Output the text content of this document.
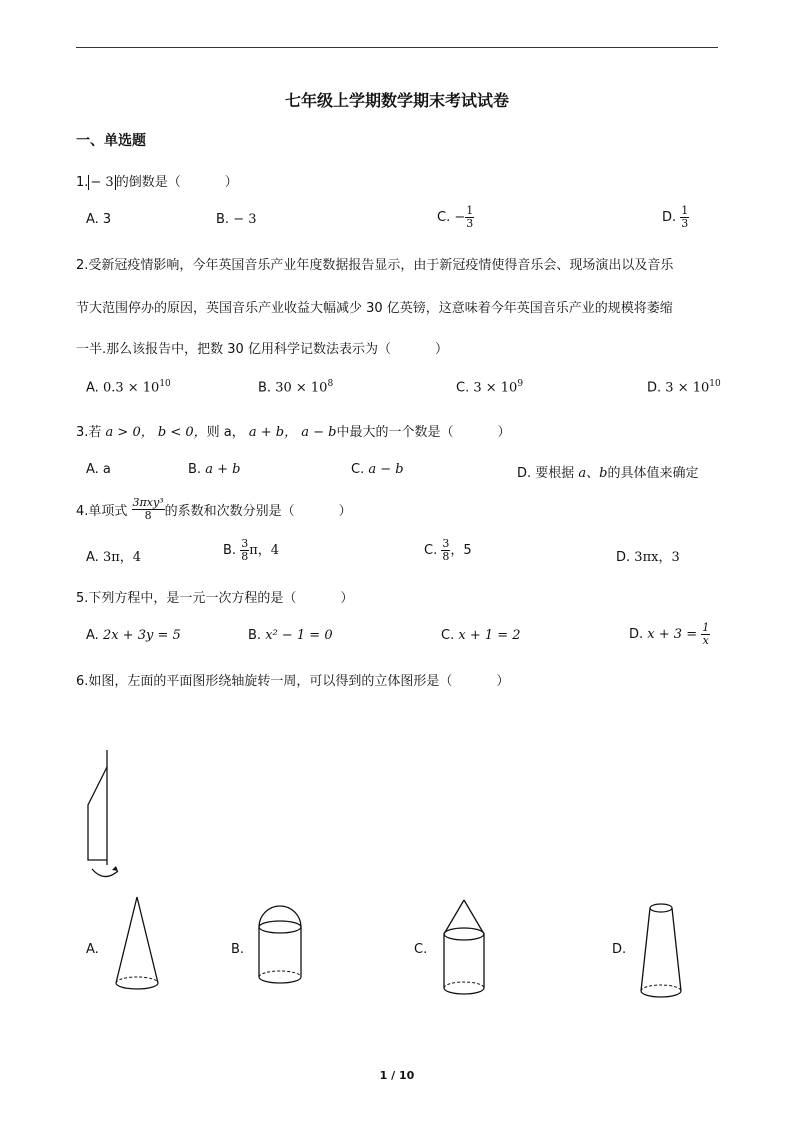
七年级上学期数学期末考试试卷
一、单选题
1. − 3 的倒数是（	）
A. 3	B. − 3	C. − $\frac{1}{3}$	D. $\frac{1}{3}$
2.受新冠疫情影响，今年英国音乐产业年度数据报告显示，由于新冠疫情使得音乐会、现场演出以及音乐
节大范围停办的原因，英国音乐产业收益大幅减少 30 亿英镑，这意味着今年英国音乐产业的规模将萎缩
一半.那么该报告中，把数 30 亿用科学记数法表示为（	）
A. $0.3 \times 10^{10}$	B. $30 \times 10^8$	C. $3 \times 10^9$	D. $3 \times 10^{10}$
3.若 a > 0， b < 0，则 a， a + b， a − b中最大的一个数是（	）
A. a	B. a + b	C. a − b	D. 要根据 a、b的具体值来确定
4.单项式 $\frac{\text{3πxy³}}{8}$ 的系数和次数分别是（	）
A. 3π，4	B. $\frac{3}{8}$ π，4	C. $\frac{3}{8}$ ，5	D. 3πx，3
5.下列方程中，是一元一次方程的是（	）
A. 2x + 3y = 5	B. x² − 1 = 0	C. x + 1 = 2	D. $x + 3 = \frac{1}{x}$
6.如图，左面的平面图形绕轴旋转一周，可以得到的立体图形是（	）
A.	B.	C.	D.
1 / 10
